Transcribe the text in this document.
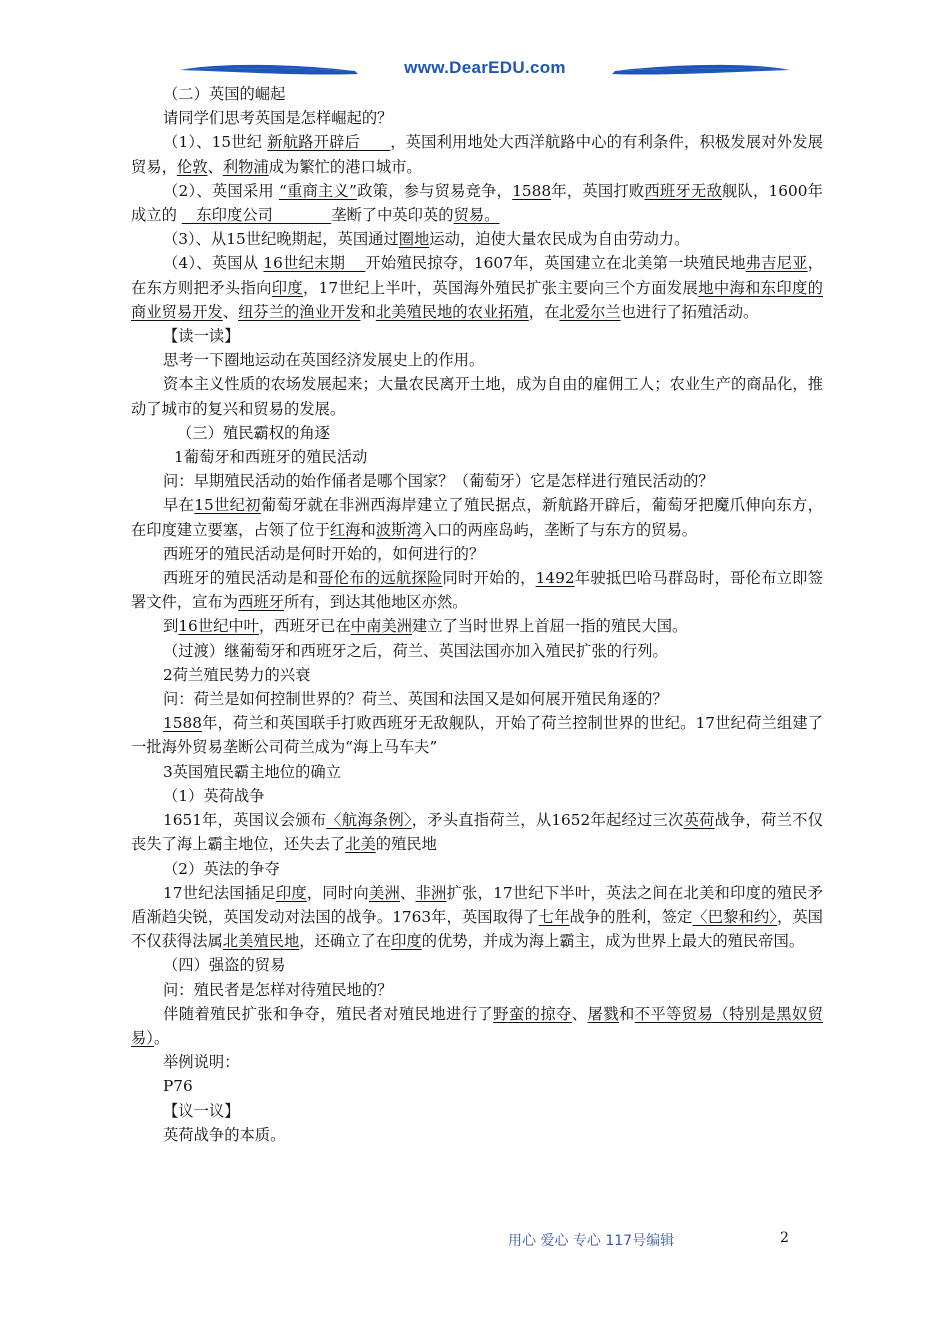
www.DearEDU.com

（二）英国的崛起

请同学们思考英国是怎样崛起的？

（1）、15世纪 新航路开辟后      ，英国利用地处大西洋航路中心的有利条件，积极发展对外发展贸易，伦敦、利物浦成为繁忙的港口城市。

（2）、英国采用 “重商主义”政策，参与贸易竞争，1588年，英国打败西班牙无敌舰队，1600年成立的    东印度公司            垄断了中英印英的贸易。

（3）、从15世纪晚期起，英国通过圈地运动，迫使大量农民成为自由劳动力。

（4）、英国从 16世纪末期    开始殖民掠夺，1607年，英国建立在北美第一块殖民地弗吉尼亚，在东方则把矛头指向印度，17世纪上半叶，英国海外殖民扩张主要向三个方面发展地中海和东印度的商业贸易开发、纽芬兰的渔业开发和北美殖民地的农业拓殖，在北爱尔兰也进行了拓殖活动。

【读一读】

思考一下圈地运动在英国经济发展史上的作用。

资本主义性质的农场发展起来；大量农民离开土地，成为自由的雇佣工人；农业生产的商品化，推动了城市的复兴和贸易的发展。

（三）殖民霸权的角逐

1葡萄牙和西班牙的殖民活动

问：早期殖民活动的始作俑者是哪个国家？（葡萄牙）它是怎样进行殖民活动的？

早在15世纪初葡萄牙就在非洲西海岸建立了殖民据点，新航路开辟后，葡萄牙把魔爪伸向东方，在印度建立要塞，占领了位于红海和波斯湾入口的两座岛屿，垄断了与东方的贸易。

西班牙的殖民活动是何时开始的，如何进行的？

西班牙的殖民活动是和哥伦布的远航探险同时开始的，1492年驶抵巴哈马群岛时，哥伦布立即签署文件，宣布为西班牙所有，到达其他地区亦然。

到16世纪中叶，西班牙已在中南美洲建立了当时世界上首屈一指的殖民大国。

（过渡）继葡萄牙和西班牙之后，荷兰、英国法国亦加入殖民扩张的行列。

2荷兰殖民势力的兴衰

问：荷兰是如何控制世界的？荷兰、英国和法国又是如何展开殖民角逐的？

1588年，荷兰和英国联手打败西班牙无敌舰队，开始了荷兰控制世界的世纪。17世纪荷兰组建了一批海外贸易垄断公司荷兰成为“海上马车夫”

3英国殖民霸主地位的确立

（1）英荷战争

1651年，英国议会颁布〈航海条例〉，矛头直指荷兰，从1652年起经过三次英荷战争，荷兰不仅丧失了海上霸主地位，还失去了北美的殖民地

（2）英法的争夺

17世纪法国插足印度，同时向美洲、非洲扩张，17世纪下半叶，英法之间在北美和印度的殖民矛盾渐趋尖锐，英国发动对法国的战争。1763年，英国取得了七年战争的胜利，签定〈巴黎和约〉，英国不仅获得法属北美殖民地，还确立了在印度的优势，并成为海上霸主，成为世界上最大的殖民帝国。

（四）强盗的贸易

问：殖民者是怎样对待殖民地的？

伴随着殖民扩张和争夺，殖民者对殖民地进行了野蛮的掠夺、屠戮和不平等贸易（特别是黑奴贸易）。

举例说明：

P76

【议一议】

英荷战争的本质。

用心 爱心 专心 117号编辑	2
